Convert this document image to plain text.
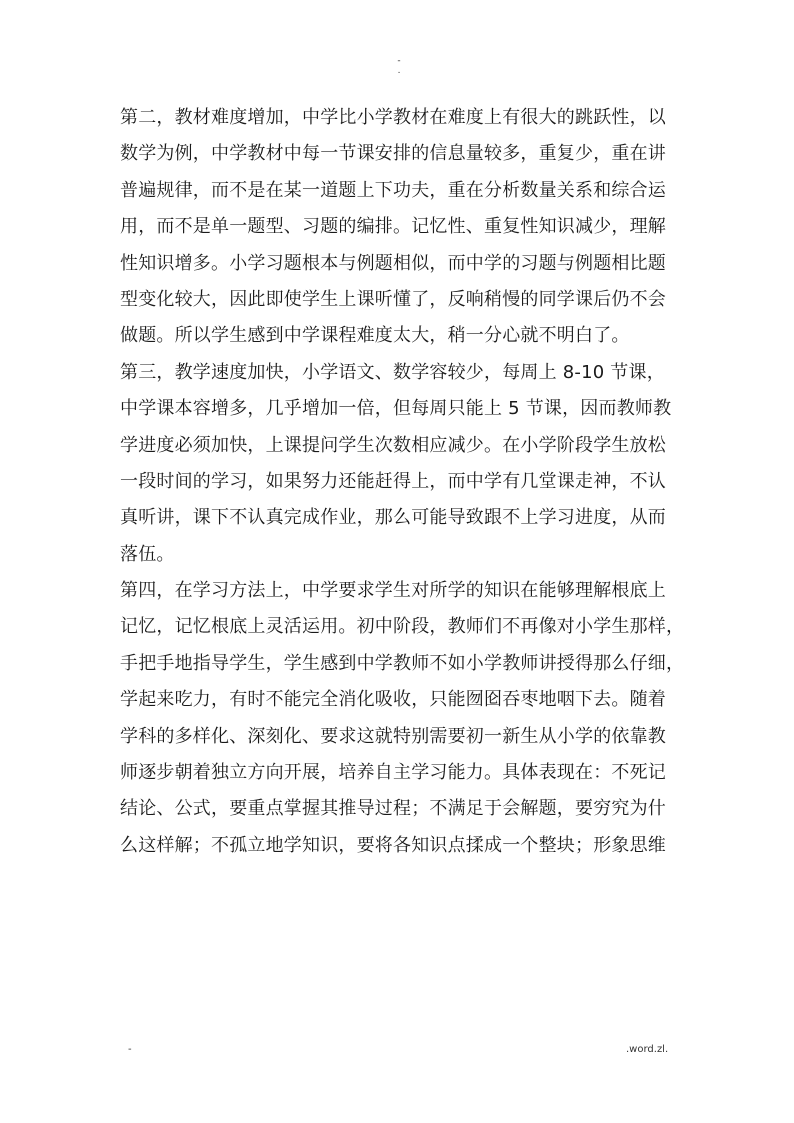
-
.
第二，教材难度增加，中学比小学教材在难度上有很大的跳跃性，以
数学为例，中学教材中每一节课安排的信息量较多，重复少，重在讲
普遍规律，而不是在某一道题上下功夫，重在分析数量关系和综合运
用，而不是单一题型、习题的编排。记忆性、重复性知识减少，理解
性知识增多。小学习题根本与例题相似，而中学的习题与例题相比题
型变化较大，因此即使学生上课听懂了，反响稍慢的同学课后仍不会
做题。所以学生感到中学课程难度太大，稍一分心就不明白了。
第三，教学速度加快，小学语文、数学容较少，每周上 8-10 节课，
中学课本容增多，几乎增加一倍，但每周只能上 5 节课，因而教师教
学进度必须加快，上课提问学生次数相应减少。在小学阶段学生放松
一段时间的学习，如果努力还能赶得上，而中学有几堂课走神，不认
真听讲，课下不认真完成作业，那么可能导致跟不上学习进度，从而
落伍。
第四，在学习方法上，中学要求学生对所学的知识在能够理解根底上
记忆，记忆根底上灵活运用。初中阶段，教师们不再像对小学生那样，
手把手地指导学生，学生感到中学教师不如小学教师讲授得那么仔细，
学起来吃力，有时不能完全消化吸收，只能囫囵吞枣地咽下去。随着
学科的多样化、深刻化、要求这就特别需要初一新生从小学的依靠教
师逐步朝着独立方向开展，培养自主学习能力。具体表现在：不死记
结论、公式，要重点掌握其推导过程；不满足于会解题，要穷究为什
么这样解；不孤立地学知识，要将各知识点揉成一个整块；形象思维
-	.word.zl.
